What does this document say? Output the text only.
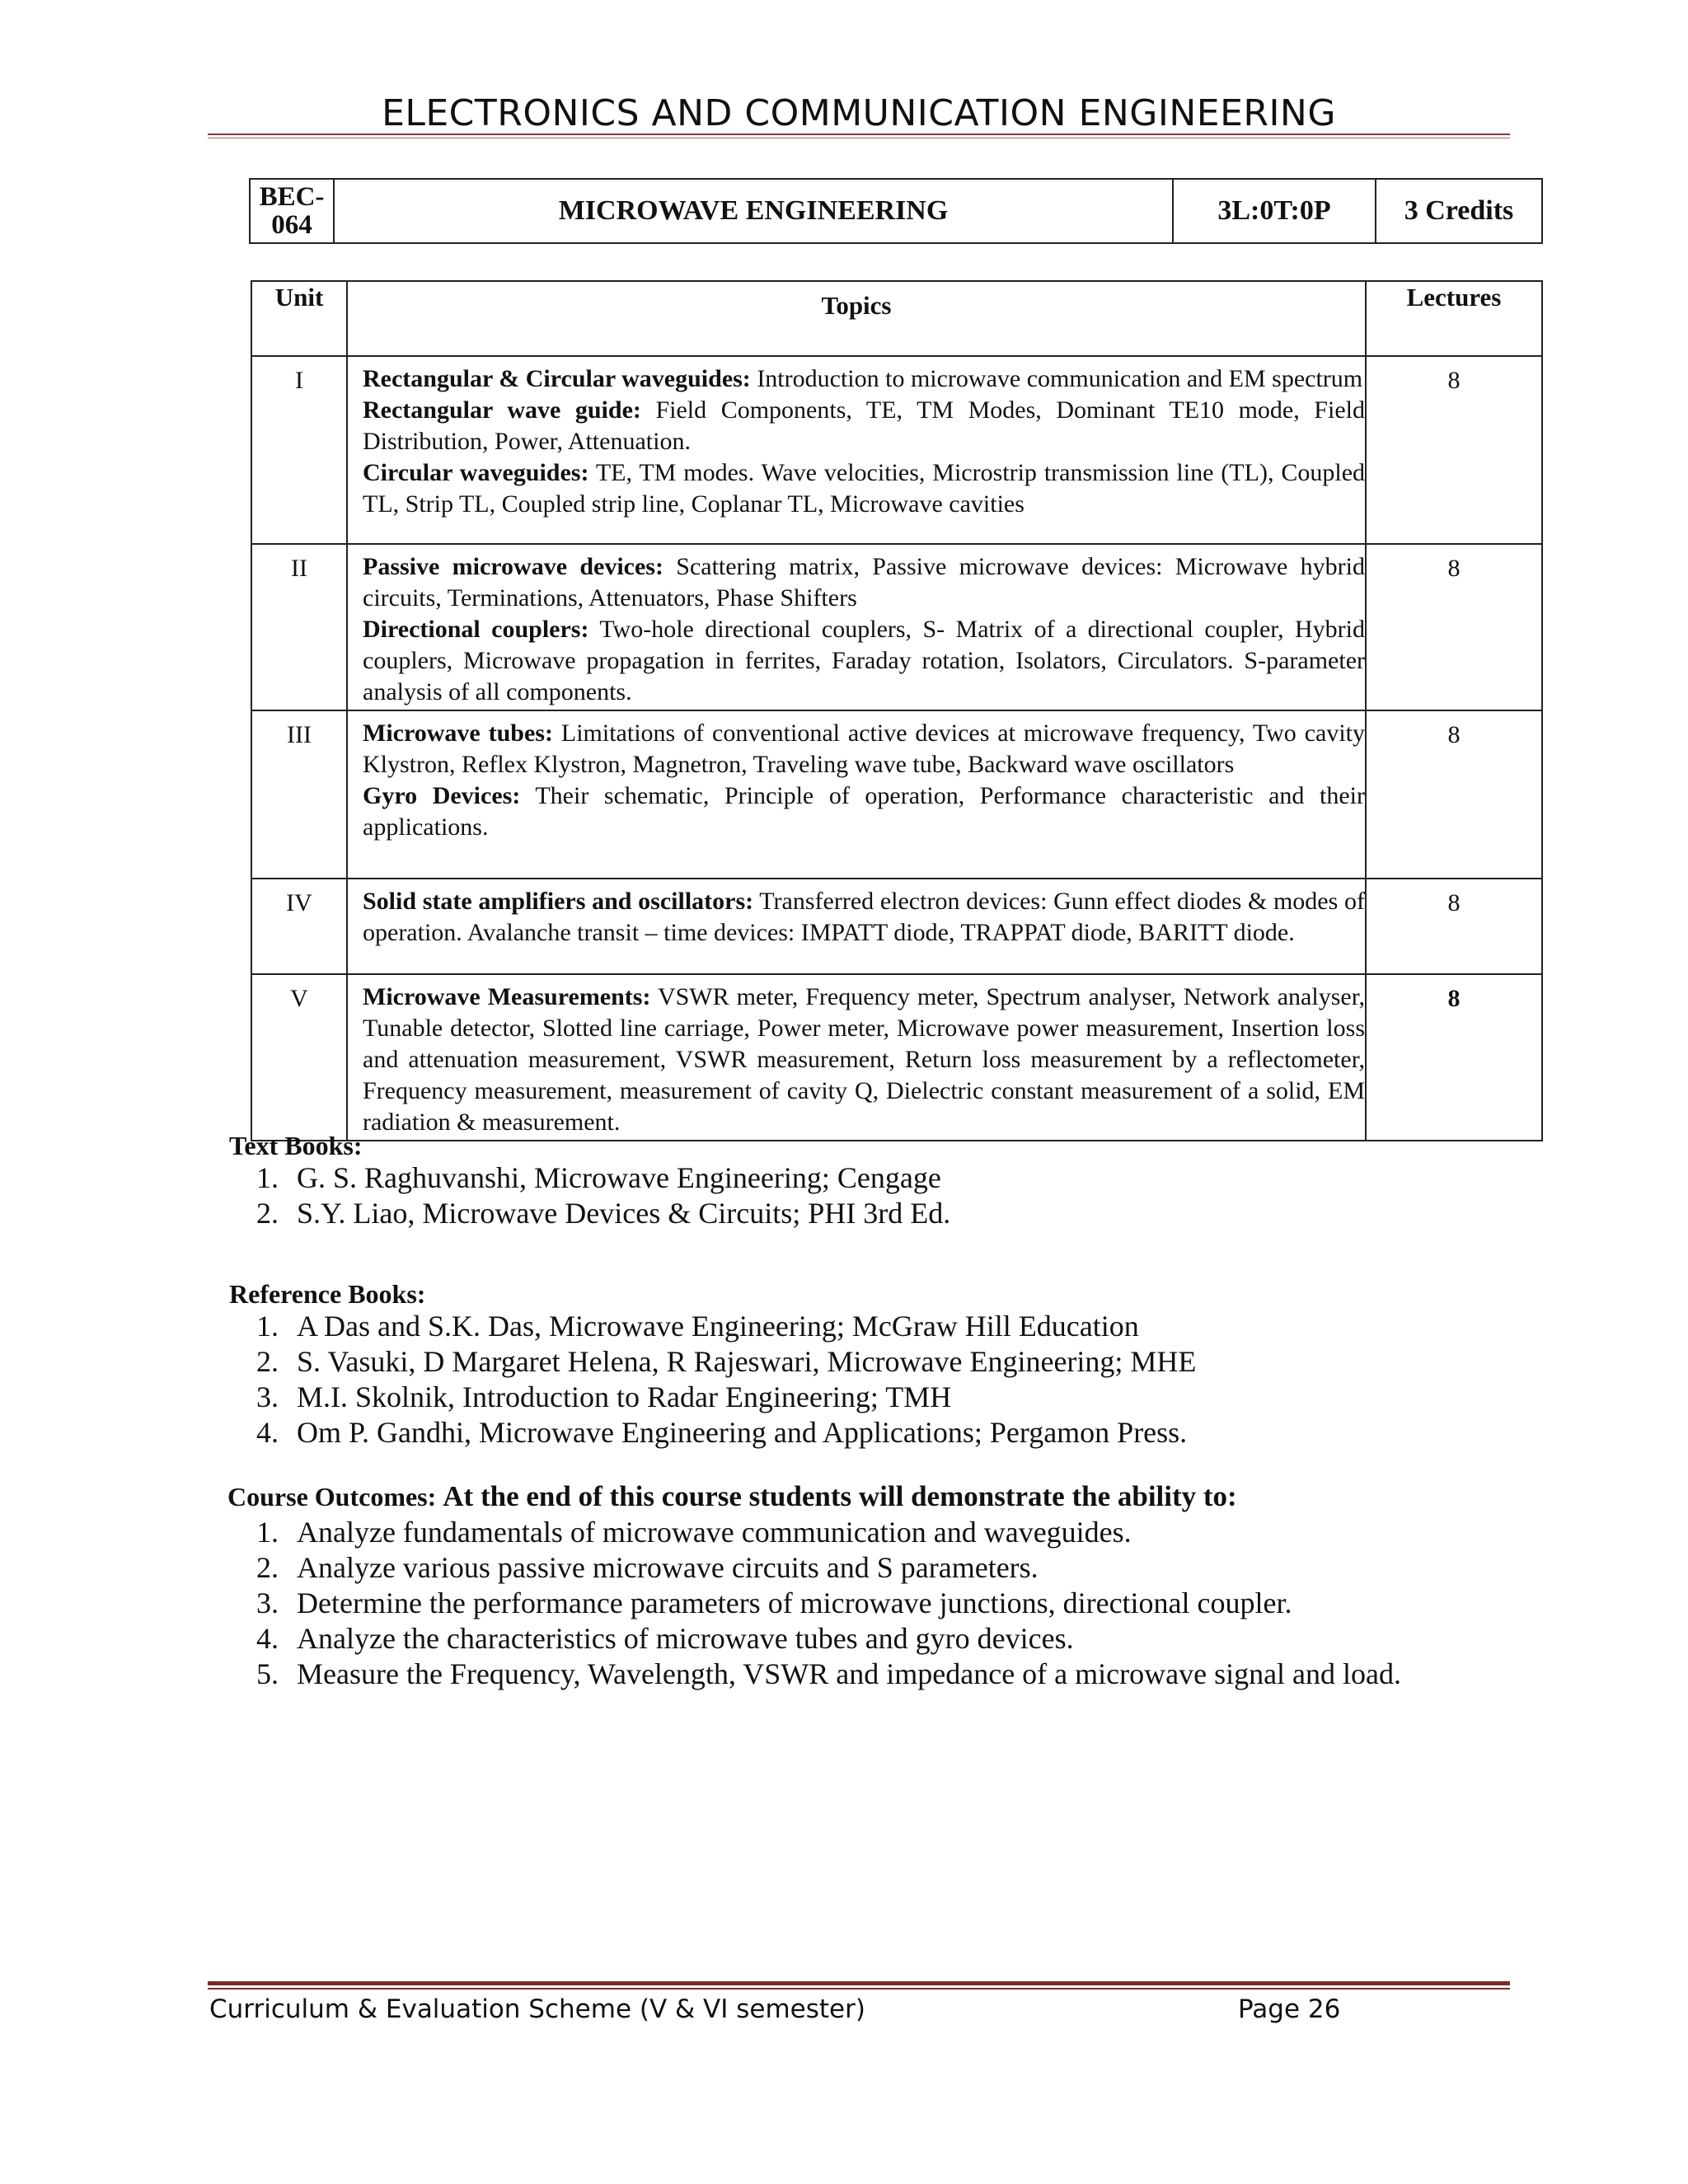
ELECTRONICS AND COMMUNICATION ENGINEERING
BEC-
064	MICROWAVE ENGINEERING	3L:0T:0P	3 Credits
Unit	Topics	Lectures
I	Rectangular & Circular waveguides: Introduction to microwave communication and EM spectrum

Rectangular wave guide: Field Components, TE, TM Modes, Dominant TE10 mode, Field Distribution, Power, Attenuation.

Circular waveguides: TE, TM modes. Wave velocities, Microstrip transmission line (TL), Coupled TL, Strip TL, Coupled strip line, Coplanar TL, Microwave cavities	8
II	Passive microwave devices: Scattering matrix, Passive microwave devices: Microwave hybrid circuits, Terminations, Attenuators, Phase Shifters

Directional couplers: Two-hole directional couplers, S- Matrix of a directional coupler, Hybrid couplers, Microwave propagation in ferrites, Faraday rotation, Isolators, Circulators. S-parameter analysis of all components.	8
III	Microwave tubes: Limitations of conventional active devices at microwave frequency, Two cavity Klystron, Reflex Klystron, Magnetron, Traveling wave tube, Backward wave oscillators

Gyro Devices: Their schematic, Principle of operation, Performance characteristic and their applications.	8
IV	Solid state amplifiers and oscillators: Transferred electron devices: Gunn effect diodes & modes of operation. Avalanche transit – time devices: IMPATT diode, TRAPPAT diode, BARITT diode.	8
V	Microwave Measurements: VSWR meter, Frequency meter, Spectrum analyser, Network analyser, Tunable detector, Slotted line carriage, Power meter, Microwave power measurement, Insertion loss and attenuation measurement, VSWR measurement, Return loss measurement by a reflectometer, Frequency measurement, measurement of cavity Q, Dielectric constant measurement of a solid, EM radiation & measurement.	8
Text Books:
1. G. S. Raghuvanshi, Microwave Engineering; Cengage
2. S.Y. Liao, Microwave Devices & Circuits; PHI 3rd Ed.
Reference Books:
1. A Das and S.K. Das, Microwave Engineering; McGraw Hill Education
2. S. Vasuki, D Margaret Helena, R Rajeswari, Microwave Engineering; MHE
3. M.I. Skolnik, Introduction to Radar Engineering; TMH
4. Om P. Gandhi, Microwave Engineering and Applications; Pergamon Press.
Course Outcomes: At the end of this course students will demonstrate the ability to:
1. Analyze fundamentals of microwave communication and waveguides.
2. Analyze various passive microwave circuits and S parameters.
3. Determine the performance parameters of microwave junctions, directional coupler.
4. Analyze the characteristics of microwave tubes and gyro devices.
5. Measure the Frequency, Wavelength, VSWR and impedance of a microwave signal and load.
Curriculum & Evaluation Scheme (V & VI semester)	Page 26
